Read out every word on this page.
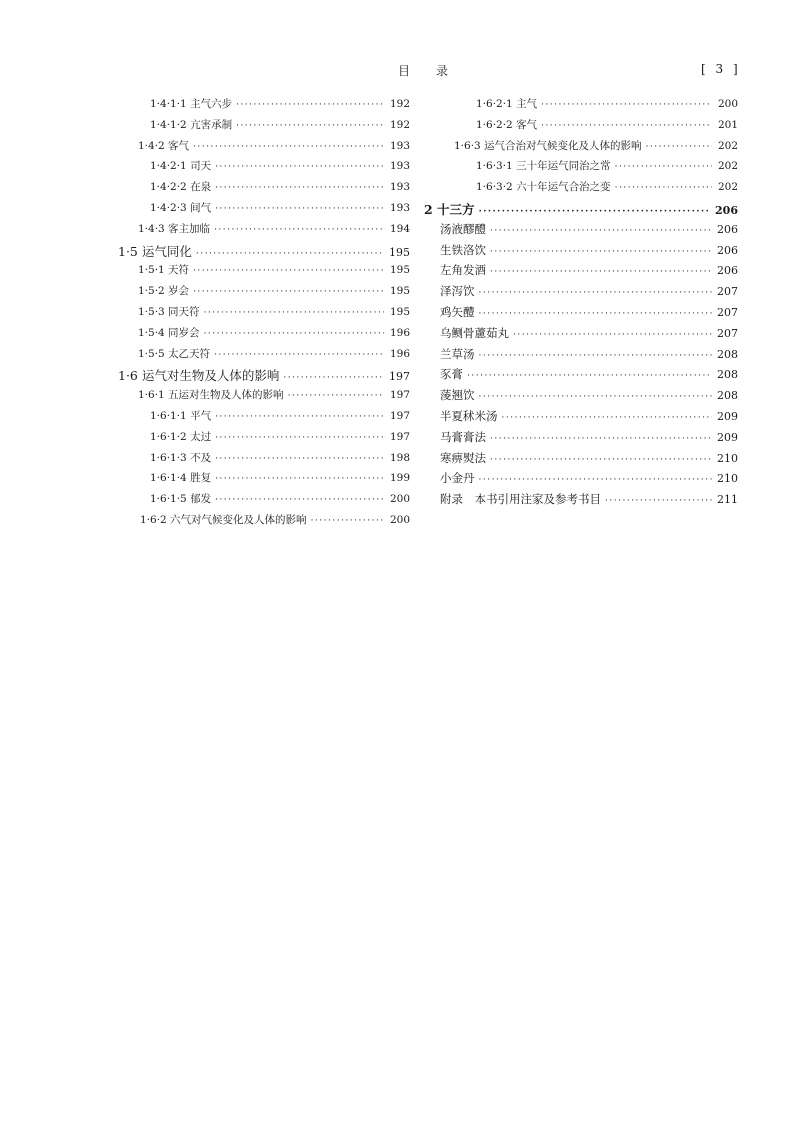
目 录	[ 3 ]
1·4·1·1 主气六步 ·····	192
1·4·1·2 亢害承制 ·····	192
1·4·2 客气 ·····	193
1·4·2·1 司天 ·····	193
1·4·2·2 在泉 ·····	193
1·4·2·3 间气 ·····	193
1·4·3 客主加临 ·····	194
1·5 运气同化 ·····	195
1·5·1 天符 ·····	195
1·5·2 岁会 ·····	195
1·5·3 同天符 ·····	195
1·5·4 同岁会 ·····	196
1·5·5 太乙天符 ·····	196
1·6 运气对生物及人体的影响 ·····	197
1·6·1 五运对生物及人体的影响 ·····	197
1·6·1·1 平气 ·····	197
1·6·1·2 太过 ·····	197
1·6·1·3 不及 ·····	198
1·6·1·4 胜复 ·····	199
1·6·1·5 郁发 ·····	200
1·6·2 六气对气候变化及人体的影响 ·····	200
1·6·2·1 主气 ·····	200
1·6·2·2 客气 ·····	201
1·6·3 运气合治对气候变化及人体的影响 ·····	202
1·6·3·1 三十年运气同治之常 ·····	202
1·6·3·2 六十年运气合治之变 ·····	202
2 十三方 ·····	206
汤液醪醴 ·····	206
生铁洛饮 ·····	206
左角发酒 ·····	206
泽泻饮 ·····	207
鸡矢醴 ·····	207
乌鲗骨藘茹丸 ·····	207
兰草汤 ·····	208
豕膏 ·····	208
蔆翘饮 ·····	208
半夏秫米汤 ·····	209
马膏膏法 ·····	209
寒痹熨法 ·····	210
小金丹 ·····	210
附录　本书引用注家及参考书目 ·····	211
